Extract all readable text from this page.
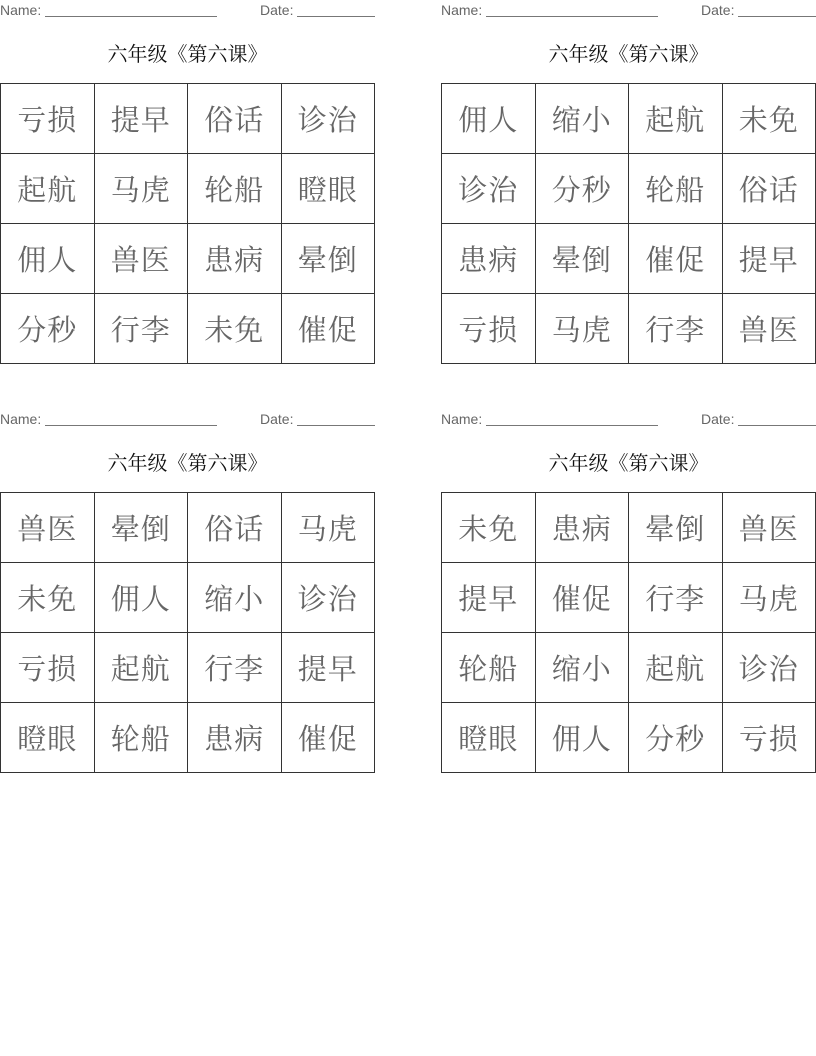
Name:	Date:
六年级《第六课》
亏损	提早	俗话	诊治
起航	马虎	轮船	瞪眼
佣人	兽医	患病	晕倒
分秒	行李	未免	催促
Name:	Date:
六年级《第六课》
佣人	缩小	起航	未免
诊治	分秒	轮船	俗话
患病	晕倒	催促	提早
亏损	马虎	行李	兽医
Name:	Date:
六年级《第六课》
兽医	晕倒	俗话	马虎
未免	佣人	缩小	诊治
亏损	起航	行李	提早
瞪眼	轮船	患病	催促
Name:	Date:
六年级《第六课》
未免	患病	晕倒	兽医
提早	催促	行李	马虎
轮船	缩小	起航	诊治
瞪眼	佣人	分秒	亏损
